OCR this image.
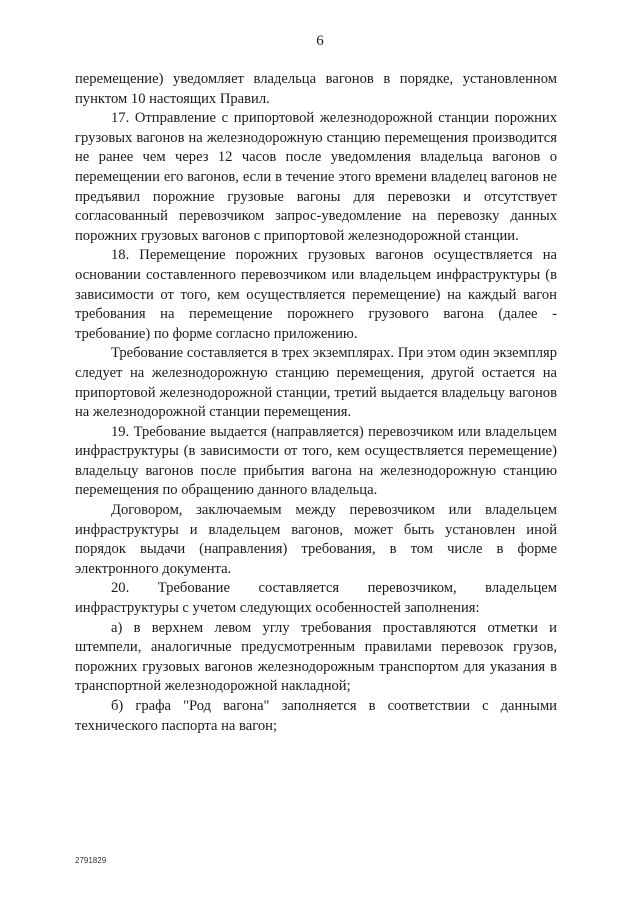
6

перемещение) уведомляет владельца вагонов в порядке, установленном пунктом 10 настоящих Правил.

17. Отправление с припортовой железнодорожной станции порожних грузовых вагонов на железнодорожную станцию перемещения производится не ранее чем через 12 часов после уведомления владельца вагонов о перемещении его вагонов, если в течение этого времени владелец вагонов не предъявил порожние грузовые вагоны для перевозки и отсутствует согласованный перевозчиком запрос-уведомление на перевозку данных порожних грузовых вагонов с припортовой железнодорожной станции.

18. Перемещение порожних грузовых вагонов осуществляется на основании составленного перевозчиком или владельцем инфраструктуры (в зависимости от того, кем осуществляется перемещение) на каждый вагон требования на перемещение порожнего грузового вагона (далее - требование) по форме согласно приложению.

Требование составляется в трех экземплярах. При этом один экземпляр следует на железнодорожную станцию перемещения, другой остается на припортовой железнодорожной станции, третий выдается владельцу вагонов на железнодорожной станции перемещения.

19. Требование выдается (направляется) перевозчиком или владельцем инфраструктуры (в зависимости от того, кем осуществляется перемещение) владельцу вагонов после прибытия вагона на железнодорожную станцию перемещения по обращению данного владельца.

Договором, заключаемым между перевозчиком или владельцем инфраструктуры и владельцем вагонов, может быть установлен иной порядок выдачи (направления) требования, в том числе в форме электронного документа.

20. Требование составляется перевозчиком, владельцем инфраструктуры с учетом следующих особенностей заполнения:

а) в верхнем левом углу требования проставляются отметки и штемпели, аналогичные предусмотренным правилами перевозок грузов, порожних грузовых вагонов железнодорожным транспортом для указания в транспортной железнодорожной накладной;

б) графа "Род вагона" заполняется в соответствии с данными технического паспорта на вагон;

2791829
